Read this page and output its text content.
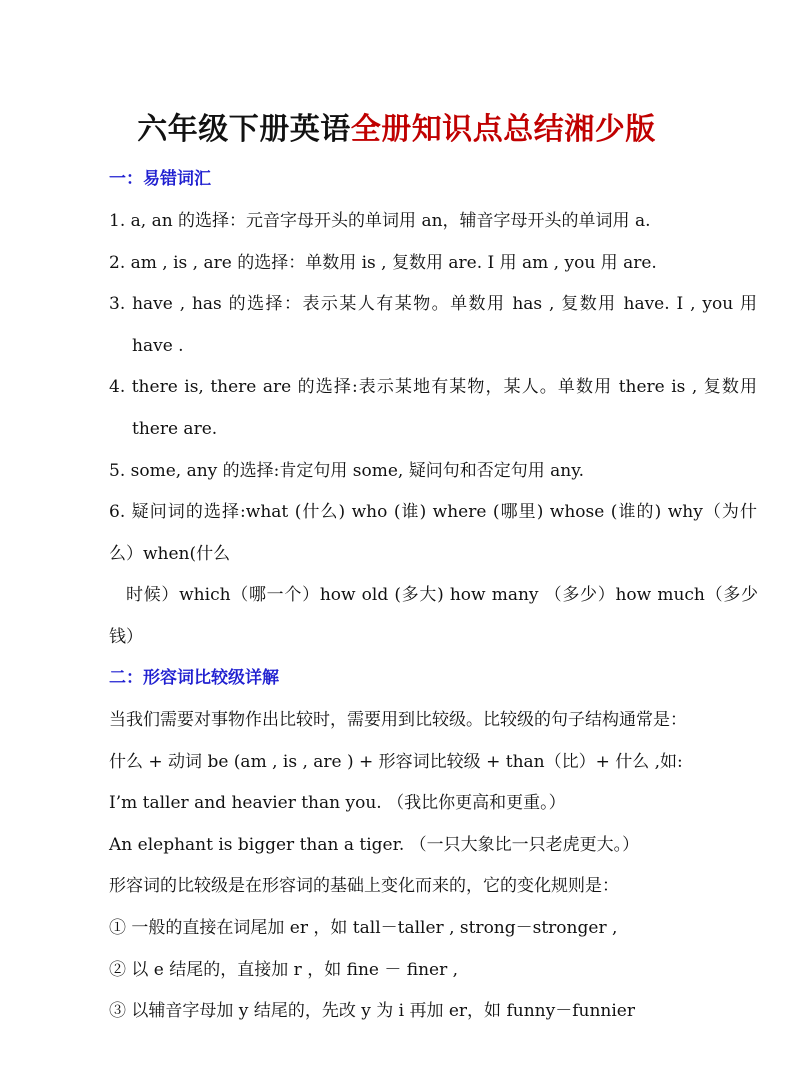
六年级下册英语全册知识点总结湘少版
一：易错词汇
1. a, an 的选择：元音字母开头的单词用 an，辅音字母开头的单词用 a.
2. am , is , are 的选择：单数用 is , 复数用 are. I 用 am , you 用 are.
3. have , has 的选择：表示某人有某物。单数用 has , 复数用 have. I , you 用
have .
4. there is, there are 的选择:表示某地有某物，某人。单数用 there is , 复数用
there are.
5. some, any 的选择:肯定句用 some, 疑问句和否定句用 any.
6. 疑问词的选择:what (什么) who (谁) where (哪里) whose (谁的) why（为什
么）when(什么
时候）which（哪一个）how old (多大) how many （多少）how much（多少
钱）
二：形容词比较级详解
当我们需要对事物作出比较时，需要用到比较级。比较级的句子结构通常是：
什么 + 动词 be (am , is , are ) + 形容词比较级 + than（比）+ 什么 ,如:
I’m taller and heavier than you. （我比你更高和更重。）
An elephant is bigger than a tiger. （一只大象比一只老虎更大。）
形容词的比较级是在形容词的基础上变化而来的，它的变化规则是：
① 一般的直接在词尾加 er ，如 tall－taller , strong－stronger ,
② 以 e 结尾的，直接加 r ，如 fine － finer ,
③ 以辅音字母加 y 结尾的，先改 y 为 i 再加 er，如 funny－funnier
